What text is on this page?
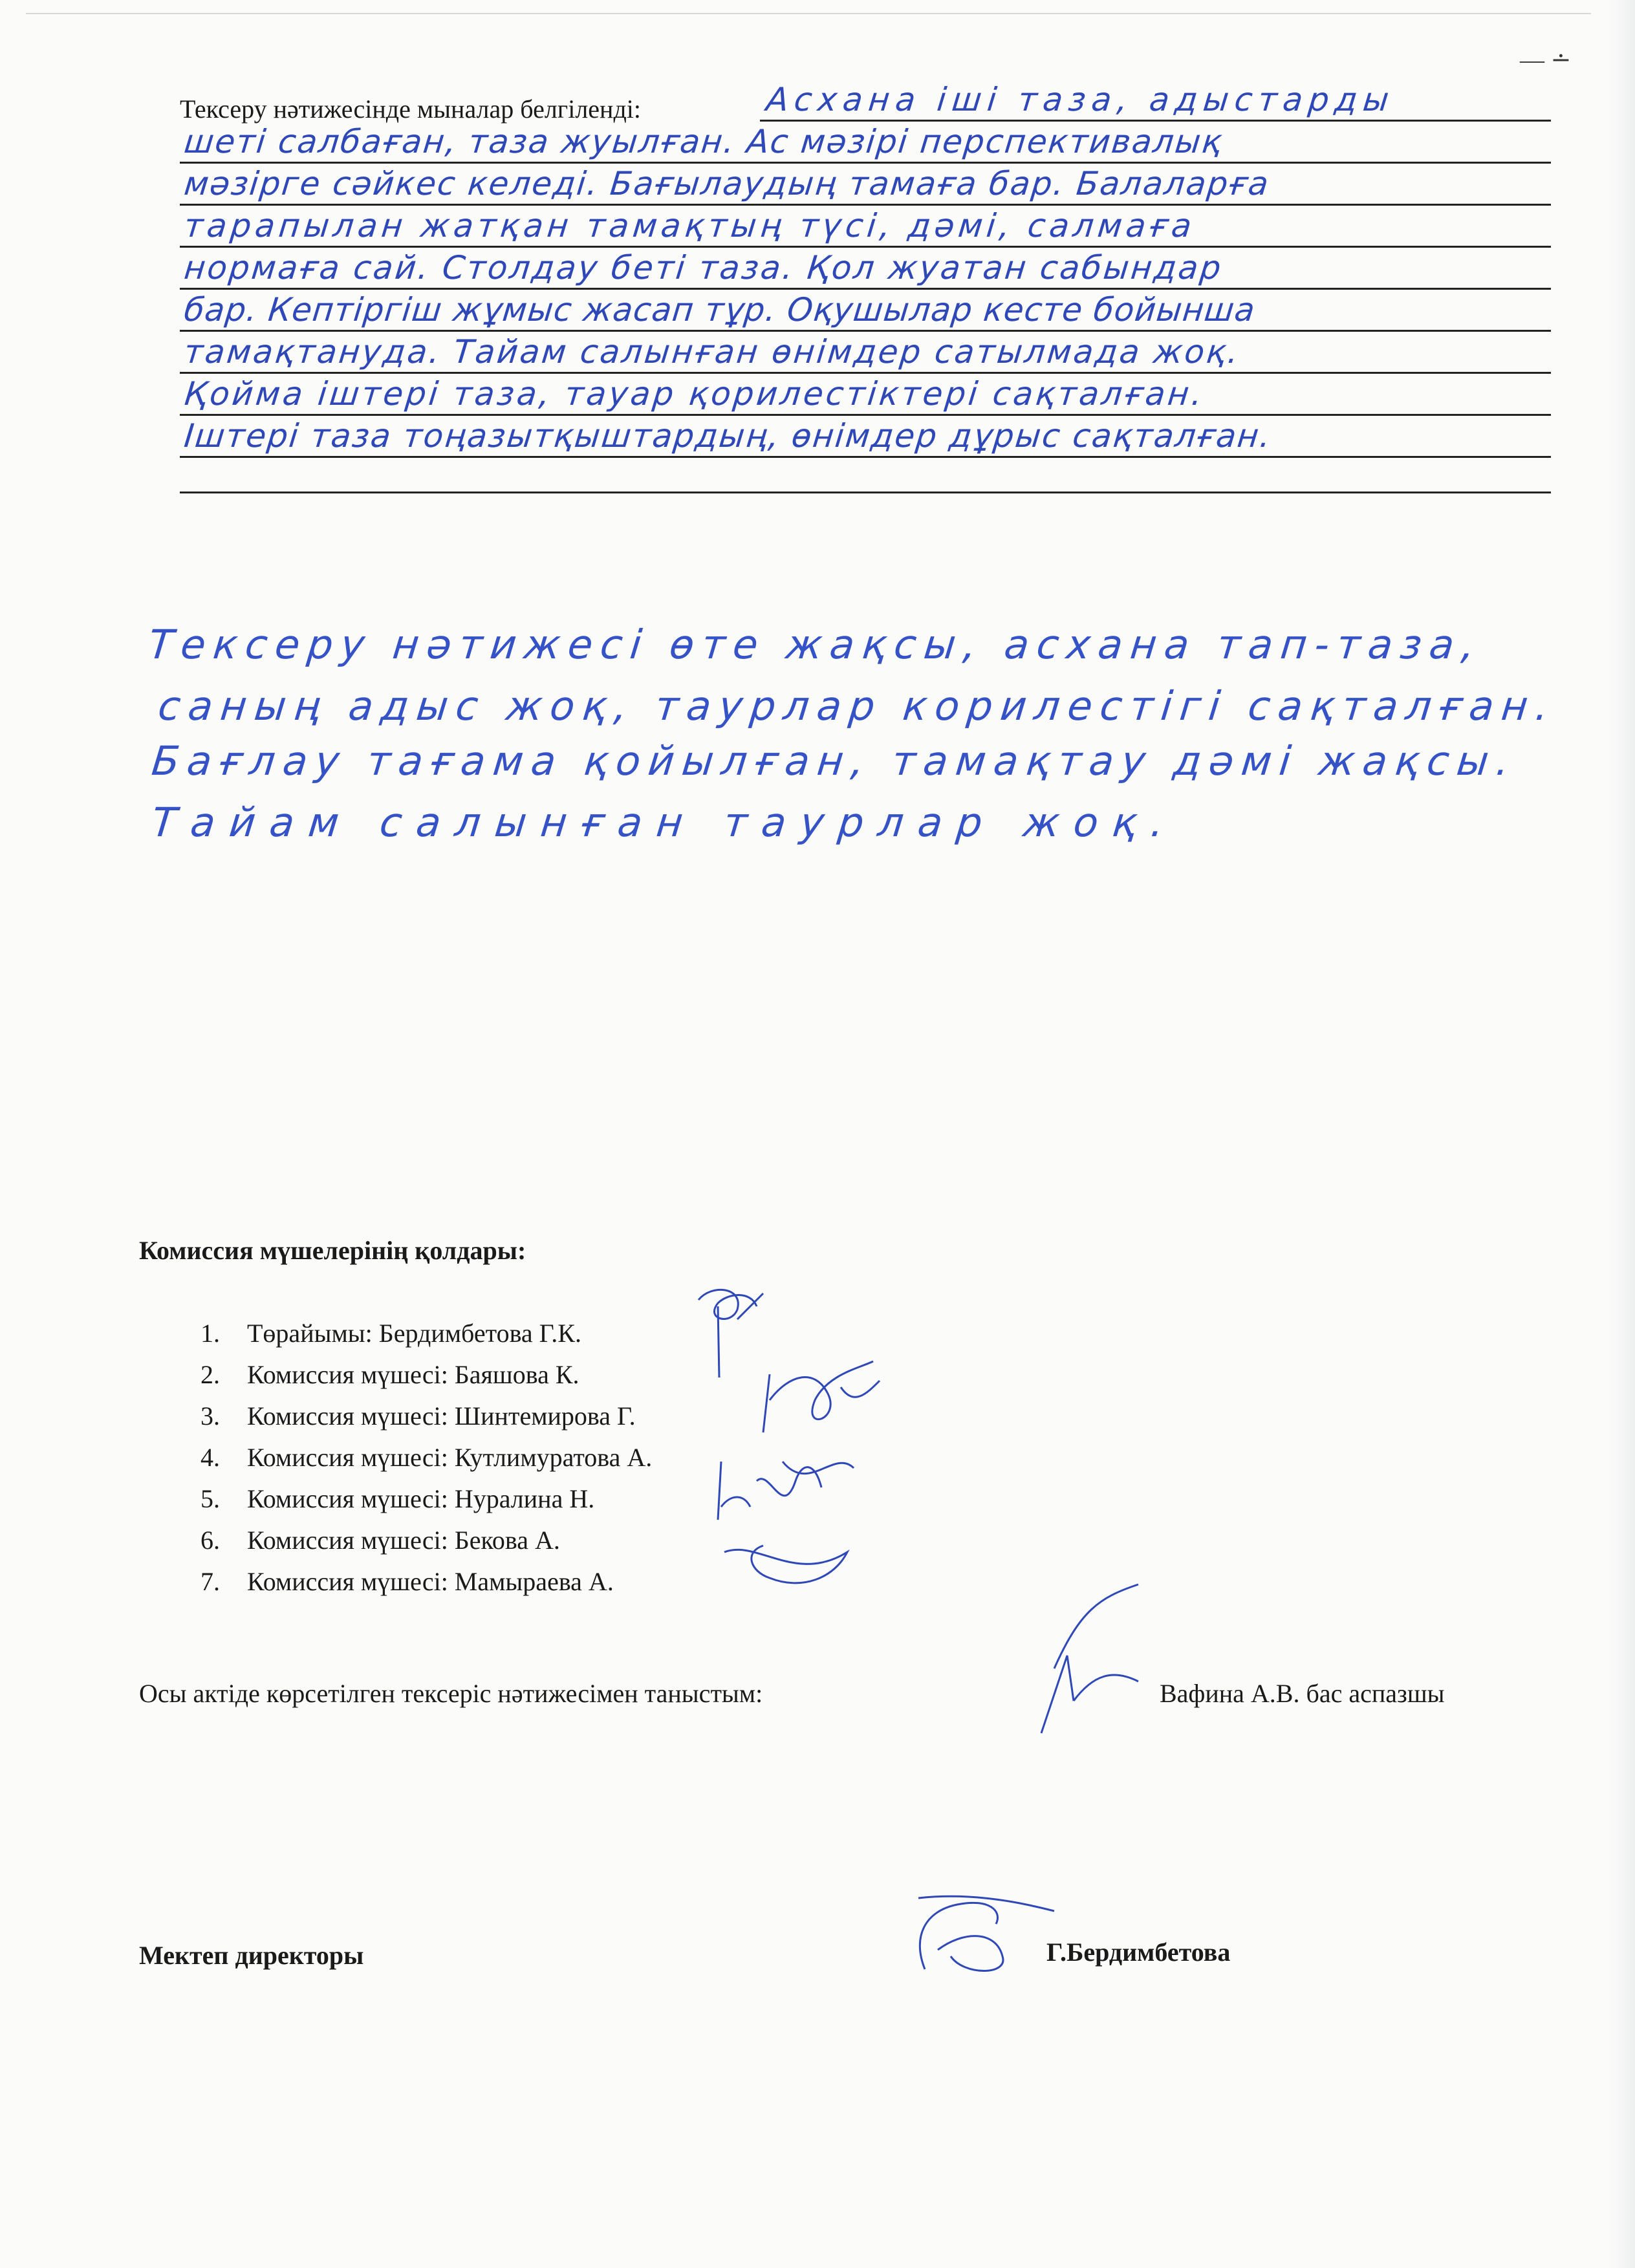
— ∸
Тексеру нәтижесінде мыналар белгіленді:	Асхана іші таза, адыстарды
шеті салбаған, таза жуылған. Ас мәзірі перспективалық
мәзірге сәйкес келеді. Бағылаудың тамаға бар. Балаларға
тарапылан жатқан тамақтың түсі, дәмі, салмаға
нормаға сай. Столдау беті таза. Қол жуатан сабындар
бар. Кептіргіш жұмыс жасап тұр. Оқушылар кесте бойынша
тамақтануда. Тайам салынған өнімдер сатылмада жоқ.
Қойма іштері таза, тауар қорилестіктері сақталған.
Іштері таза тоңазытқыштардың, өнімдер дұрыс сақталған.
Тексеру нәтижесі өте жақсы, асхана тап-таза,
саның адыс жоқ, таурлар корилестігі сақталған.
Бағлау тағама қойылған, тамақтау дәмі жақсы.
Тайам салынған таурлар жоқ.
Комиссия мүшелерінің қолдары:
1. Төрайымы: Бердимбетова Г.К.
2. Комиссия мүшесі: Баяшова К.
3. Комиссия мүшесі: Шинтемирова Г.
4. Комиссия мүшесі: Кутлимуратова А.
5. Комиссия мүшесі: Нуралина Н.
6. Комиссия мүшесі: Бекова А.
7. Комиссия мүшесі: Мамыраева А.
Осы актіде көрсетілген тексеріс нәтижесімен таныстым:	Вафина А.В. бас аспазшы
Мектеп директоры	Г.Бердимбетова
